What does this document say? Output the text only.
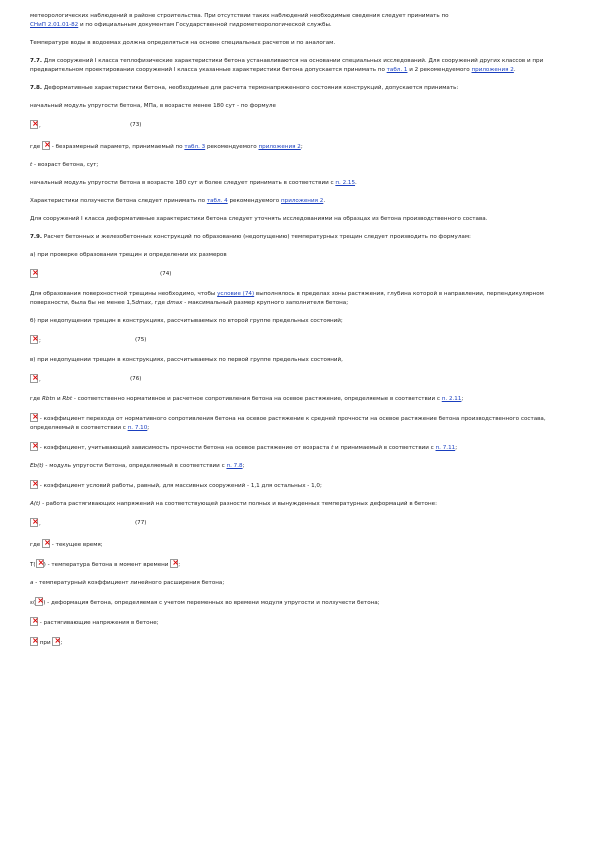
метеорологических наблюдений в районе строительства. При отсутствии таких наблюдений необходимые сведения следует принимать по
СНиП 2.01.01-82 и по официальным документам Государственной гидрометеорологической службы.

Температуре воды в водоемах должна определяться на основе специальных расчетов и по аналогам.

7.7. Для сооружений I класса теплофизические характеристики бетона устанавливаются на основании специальных исследований. Для сооружений других классов и при предварительном проектировании сооружений I класса указанные характеристики бетона допускается принимать по табл. 1 и 2 рекомендуемого приложения 2.

7.8. Деформативные характеристики бетона, необходимые для расчета термонапряженного состояния конструкций, допускается принимать:

начальный модуль упругости бетона, МПа, в возрасте менее 180 сут - по формуле

×
,	(73)

где × - безразмерный параметр, принимаемый по табл. 3 рекомендуемого приложения 2;

t - возраст бетона, сут;

начальный модуль упругости бетона в возрасте 180 сут и более следует принимать в соответствии с п. 2.15.

Характеристики ползучести бетона следует принимать по табл. 4 рекомендуемого приложения 2.

Для сооружений I класса деформативные характеристики бетона следует уточнять исследованиями на образцах из бетона производственного состава.

7.9. Расчет бетонных и железобетонных конструкций по образованию (недопущению) температурных трещин следует производить по формулам:

а) при проверке образования трещин и определении их размеров

×
(74)

Для образования поверхностной трещины необходимо, чтобы условие (74) выполнялось в пределах зоны растяжения, глубина которой в направлении, перпендикулярном поверхности, была бы не менее 1,5dmax, где dmax - максимальный размер крупного заполнителя бетона;

б) при недопущении трещин в конструкциях, рассчитываемых по второй группе предельных состояний;

×
;	(75)

в) при недопущении трещин в конструкциях, рассчитываемых по первой группе предельных состояний,

×
,	(76)

где Rbtn и Rbt - соответственно нормативное и расчетное сопротивления бетона на осевое растяжение, определяемые в соответствии с п. 2.11;

× - коэффициент перехода от нормативного сопротивления бетона на осевое растяжение к средней прочности на осевое растяжение бетона производственного состава, определяемый в соответствии с п. 7.10;

× - коэффициент, учитывающий зависимость прочности бетона на осевое растяжение от возраста t и принимаемый в соответствии с п. 7.11;

Eb(t) - модуль упругости бетона, определяемый в соответствии с п. 7.8;

× - коэффициент условий работы, равный, для массивных сооружений - 1,1 для остальных - 1,0;

A(t) - работа растягивающих напряжений на соответствующей разности полных и вынужденных температурных деформаций в бетоне:

×
,	(77)

где × - текущее время;

T( × ) - температура бетона в момент времени ×;

a - температурный коэффициент линейного расширения бетона;

ε( × ) - деформация бетона, определяемая с учетом переменных во времени модуля упругости и ползучести бетона;

× - растягивающие напряжения в бетоне;

× при ×;
